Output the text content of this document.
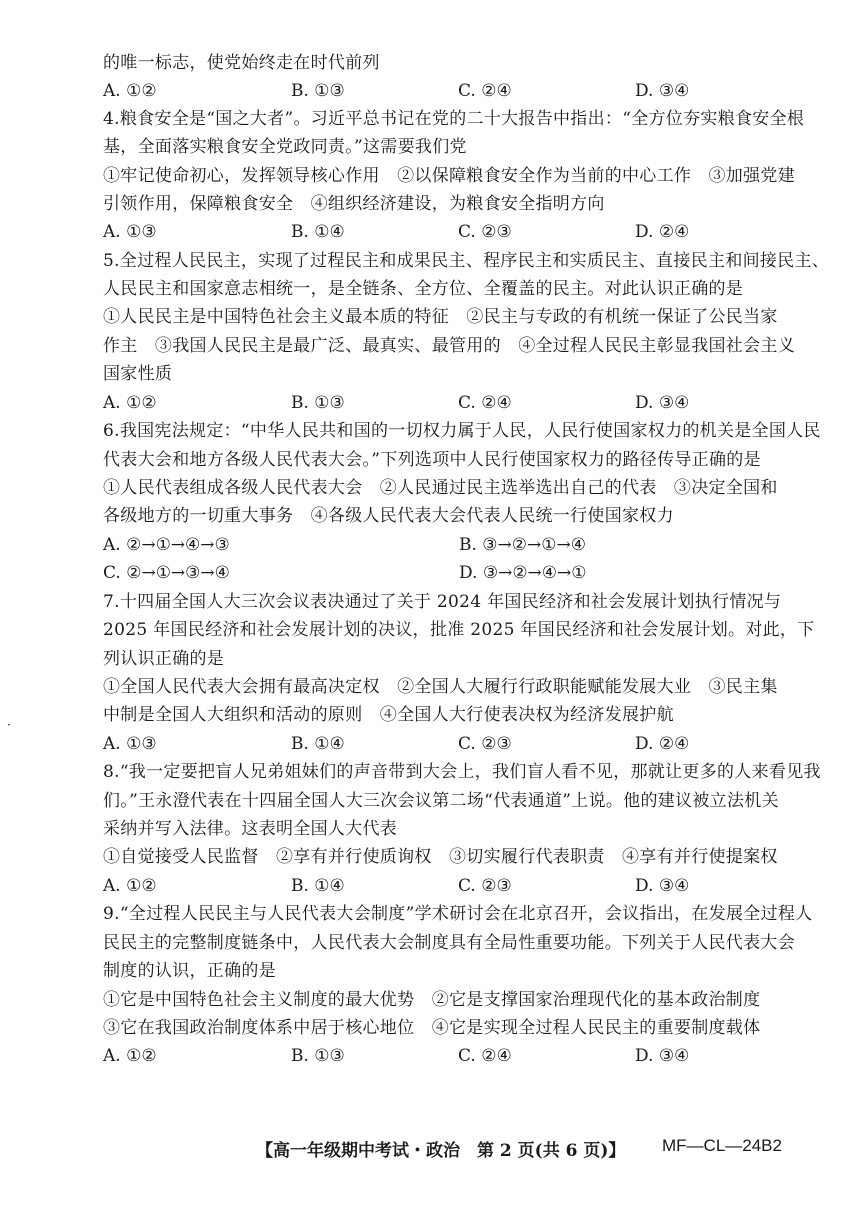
的唯一标志，使党始终走在时代前列
A. ①②	B. ①③	C. ②④	D. ③④
4.粮食安全是“国之大者”。习近平总书记在党的二十大报告中指出：“全方位夯实粮食安全根
基，全面落实粮食安全党政同责。”这需要我们党
①牢记使命初心，发挥领导核心作用　②以保障粮食安全作为当前的中心工作　③加强党建
引领作用，保障粮食安全　④组织经济建设，为粮食安全指明方向
A. ①③	B. ①④	C. ②③	D. ②④
5.全过程人民民主，实现了过程民主和成果民主、程序民主和实质民主、直接民主和间接民主、
人民民主和国家意志相统一，是全链条、全方位、全覆盖的民主。对此认识正确的是
①人民民主是中国特色社会主义最本质的特征　②民主与专政的有机统一保证了公民当家
作主　③我国人民民主是最广泛、最真实、最管用的　④全过程人民民主彰显我国社会主义
国家性质
A. ①②	B. ①③	C. ②④	D. ③④
6.我国宪法规定：“中华人民共和国的一切权力属于人民，人民行使国家权力的机关是全国人民
代表大会和地方各级人民代表大会。”下列选项中人民行使国家权力的路径传导正确的是
①人民代表组成各级人民代表大会　②人民通过民主选举选出自己的代表　③决定全国和
各级地方的一切重大事务　④各级人民代表大会代表人民统一行使国家权力
A. ②→①→④→③	B. ③→②→①→④
C. ②→①→③→④	D. ③→②→④→①
7.十四届全国人大三次会议表决通过了关于 2024 年国民经济和社会发展计划执行情况与
2025 年国民经济和社会发展计划的决议，批准 2025 年国民经济和社会发展计划。对此，下
列认识正确的是
①全国人民代表大会拥有最高决定权　②全国人大履行行政职能赋能发展大业　③民主集
中制是全国人大组织和活动的原则　④全国人大行使表决权为经济发展护航
A. ①③	B. ①④	C. ②③	D. ②④
8.“我一定要把盲人兄弟姐妹们的声音带到大会上，我们盲人看不见，那就让更多的人来看见我
们。”王永澄代表在十四届全国人大三次会议第二场“代表通道”上说。他的建议被立法机关
采纳并写入法律。这表明全国人大代表
①自觉接受人民监督　②享有并行使质询权　③切实履行代表职责　④享有并行使提案权
A. ①②	B. ①④	C. ②③	D. ③④
9.“全过程人民民主与人民代表大会制度”学术研讨会在北京召开，会议指出，在发展全过程人
民民主的完整制度链条中，人民代表大会制度具有全局性重要功能。下列关于人民代表大会
制度的认识，正确的是
①它是中国特色社会主义制度的最大优势　②它是支撑国家治理现代化的基本政治制度
③它在我国政治制度体系中居于核心地位　④它是实现全过程人民民主的重要制度载体
A. ①②	B. ①③	C. ②④	D. ③④
·
【高一年级期中考试・政治　第 2 页(共 6 页)】 MF—CL—24B2
